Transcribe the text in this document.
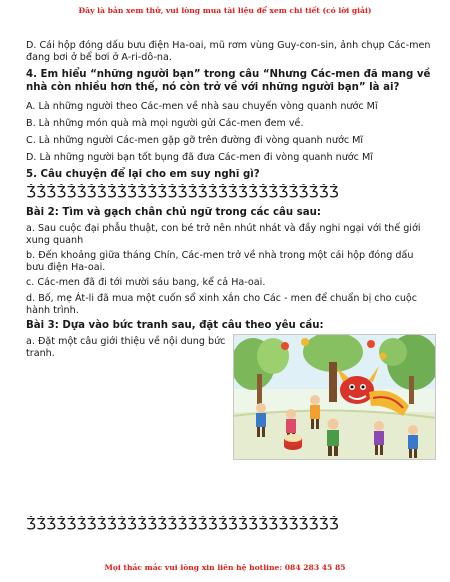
Đây là bản xem thử, vui lòng mua tài liệu để xem chi tiết (có lời giải)

D. Cái hộp đóng dấu bưu điện Ha-oai, mũ rơm vùng Guy-con-sin, ảnh chụp Các-men đang bơi ở bể bơi ở A-ri-dô-na.

4. Em hiểu “những người bạn” trong câu “Nhưng Các-men đã mang về nhà còn nhiều hơn thế, nó còn trở về với những người bạn” là ai?

A. Là những người theo Các-men về nhà sau chuyến vòng quanh nước Mĩ

B. Là những món quà mà mọi người gửi Các-men đem về.

C. Là những người Các-men gặp gỡ trên đường đi vòng quanh nước Mĩ

D. Là những người bạn tốt bụng đã đưa Các-men đi vòng quanh nước Mĩ

5. Câu chuyện để lại cho em suy nghĩ gì?

ǮǮǮǮǮǮǮǮǮǮǮǮǮǮǮǮǮǮǮǮǮǮǮǮǮǮǮǮǮǮǮ

Bài 2: Tìm và gạch chân chủ ngữ trong các câu sau:

a. Sau cuộc đại phẫu thuật, con bé trở nên nhút nhát và đầy nghi ngại với thế giới xung quanh

b. Đến khoảng giữa tháng Chín, Các-men trở về nhà trong một cái hộp đóng dấu bưu điện Ha-oai.

c. Các-men đã đi tới mười sáu bang, kể cả Ha-oai.

d. Bố, mẹ Át-li đã mua một cuốn sổ xinh xắn cho Các - men để chuẩn bị cho cuộc hành trình.

Bài 3: Dựa vào bức tranh sau, đặt câu theo yêu cầu:

a. Đặt một câu giới thiệu về nội dung bức tranh.
ǮǮǮǮǮǮǮǮǮǮǮǮǮǮǮǮǮǮǮǮǮǮǮǮǮǮǮǮǮǮǮ
Mọi thắc mắc vui lòng xin liên hệ hotline: 084 283 45 85
